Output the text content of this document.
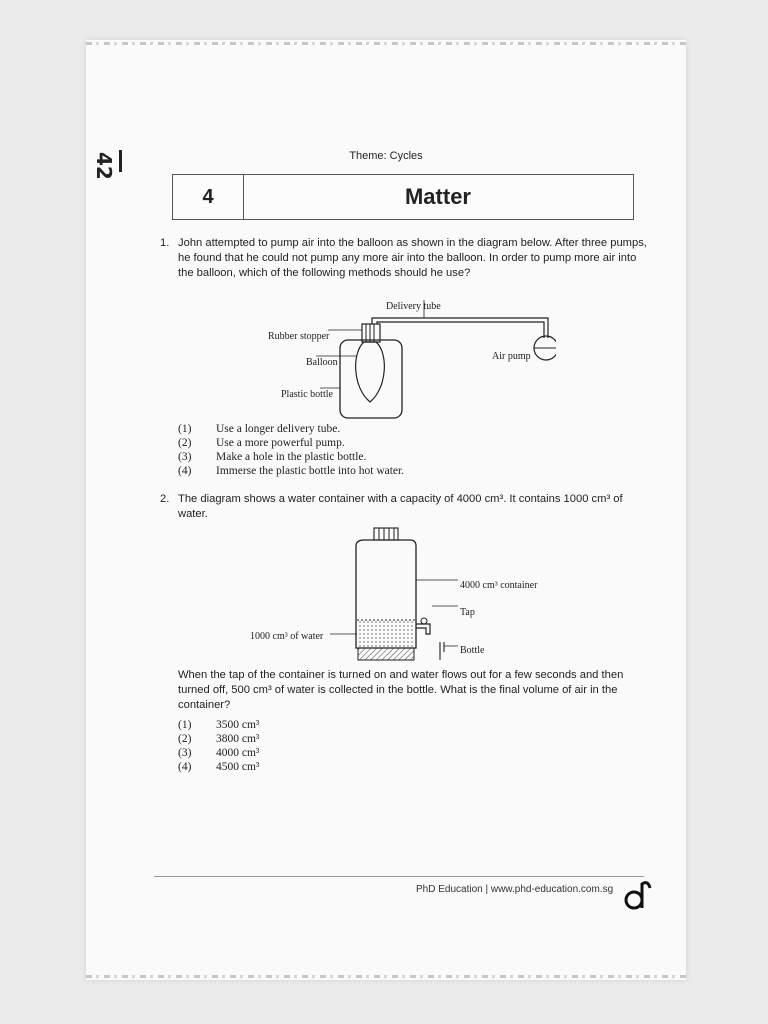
42	Theme: Cycles
4	Matter
1. John attempted to pump air into the balloon as shown in the diagram below. After three pumps, he found that he could not pump any more air into the balloon. In order to pump more air into the balloon, which of the following methods should he use?
Delivery tube
Rubber stopper
Balloon
Plastic bottle
Air pump
(1)	Use a longer delivery tube.
(2)	Use a more powerful pump.
(3)	Make a hole in the plastic bottle.
(4)	Immerse the plastic bottle into hot water.
2. The diagram shows a water container with a capacity of 4000 cm³. It contains 1000 cm³ of water.
4000 cm³ container
Tap
1000 cm³ of water
Bottle
When the tap of the container is turned on and water flows out for a few seconds and then turned off, 500 cm³ of water is collected in the bottle. What is the final volume of air in the container?
(1)	3500 cm³
(2)	3800 cm³
(3)	4000 cm³
(4)	4500 cm³
PhD Education | www.phd-education.com.sg
